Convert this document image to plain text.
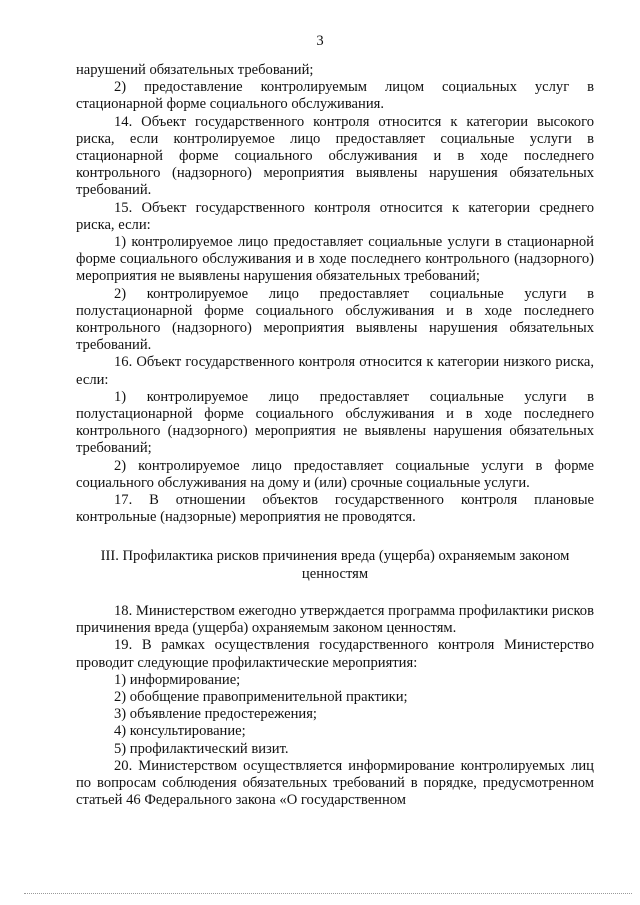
3

нарушений обязательных требований;

2) предоставление контролируемым лицом социальных услуг в стационарной форме социального обслуживания.

14. Объект государственного контроля относится к категории высокого риска, если контролируемое лицо предоставляет социальные услуги в стационарной форме социального обслуживания и в ходе последнего контрольного (надзорного) мероприятия выявлены нарушения обязательных требований.

15. Объект государственного контроля относится к категории среднего риска, если:

1) контролируемое лицо предоставляет социальные услуги в стационарной форме социального обслуживания и в ходе последнего контрольного (надзорного) мероприятия не выявлены нарушения обязательных требований;

2) контролируемое лицо предоставляет социальные услуги в полустационарной форме социального обслуживания и в ходе последнего контрольного (надзорного) мероприятия выявлены нарушения обязательных требований.

16. Объект государственного контроля относится к категории низкого риска, если:

1) контролируемое лицо предоставляет социальные услуги в полустационарной форме социального обслуживания и в ходе последнего контрольного (надзорного) мероприятия не выявлены нарушения обязательных требований;

2) контролируемое лицо предоставляет социальные услуги в форме социального обслуживания на дому и (или) срочные социальные услуги.

17. В отношении объектов государственного контроля плановые контрольные (надзорные) мероприятия не проводятся.

III. Профилактика рисков причинения вреда (ущерба) охраняемым законом ценностям

18. Министерством ежегодно утверждается программа профилактики рисков причинения вреда (ущерба) охраняемым законом ценностям.

19. В рамках осуществления государственного контроля Министерство проводит следующие профилактические мероприятия:

1) информирование;

2) обобщение правоприменительной практики;

3) объявление предостережения;

4) консультирование;

5) профилактический визит.

20. Министерством осуществляется информирование контролируемых лиц по вопросам соблюдения обязательных требований в порядке, предусмотренном статьей 46 Федерального закона «О государственном
